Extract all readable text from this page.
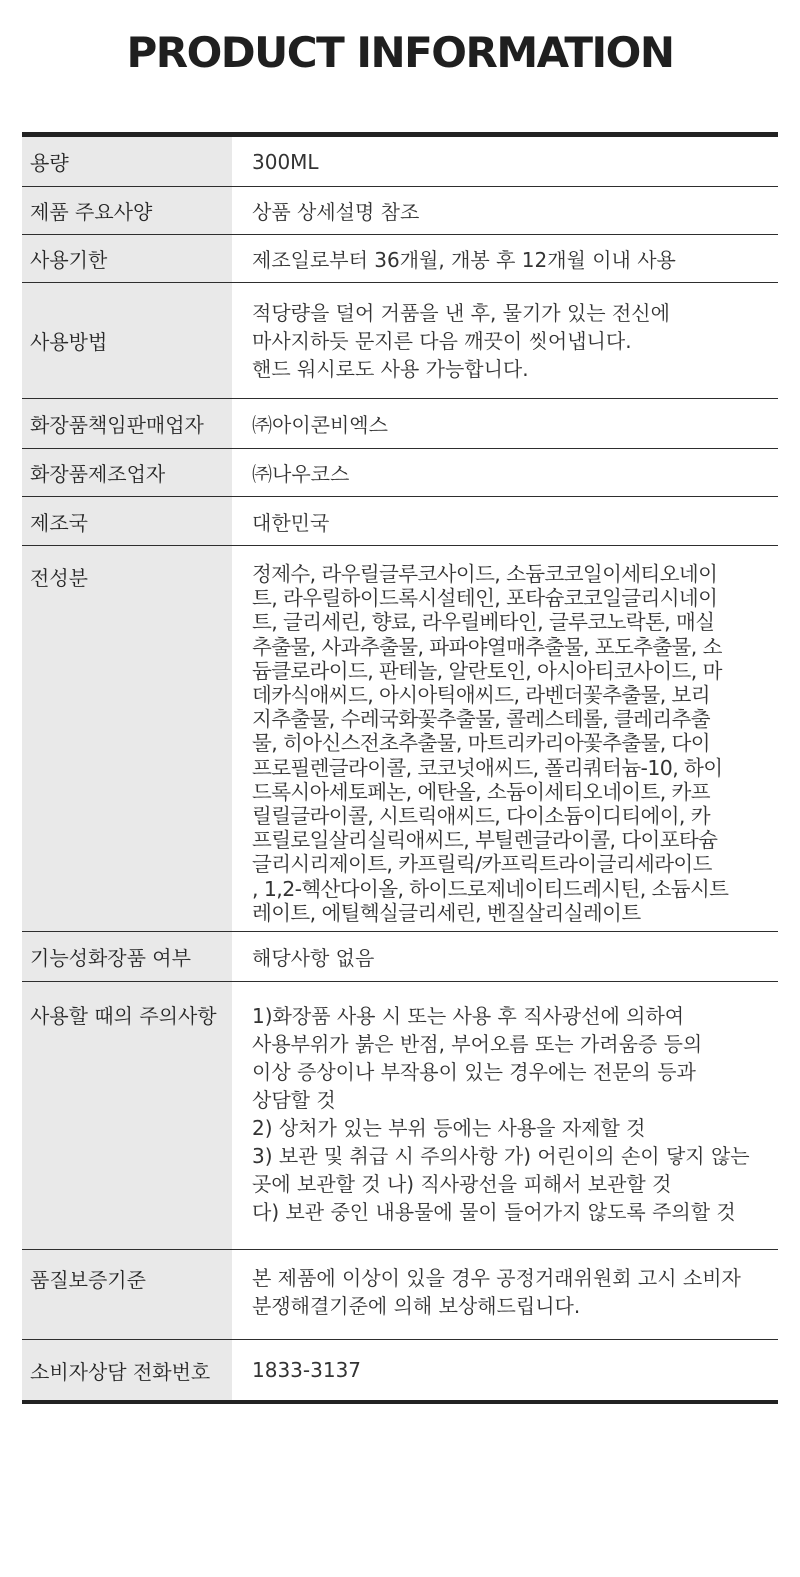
PRODUCT INFORMATION
용량	300ML
제품 주요사양	상품 상세설명 참조
사용기한	제조일로부터 36개월, 개봉 후 12개월 이내 사용
사용방법
적당량을 덜어 거품을 낸 후, 물기가 있는 전신에
마사지하듯 문지른 다음 깨끗이 씻어냅니다.
핸드 워시로도 사용 가능합니다.
화장품책임판매업자	㈜아이콘비엑스
화장품제조업자	㈜나우코스
제조국	대한민국
전성분	정제수, 라우릴글루코사이드, 소듐코코일이세티오네이
트, 라우릴하이드록시설테인, 포타슘코코일글리시네이
트, 글리세린, 향료, 라우릴베타인, 글루코노락톤, 매실
추출물, 사과추출물, 파파야열매추출물, 포도추출물, 소
듐클로라이드, 판테놀, 알란토인, 아시아티코사이드, 마
데카식애씨드, 아시아틱애씨드, 라벤더꽃추출물, 보리
지추출물, 수레국화꽃추출물, 콜레스테롤, 클레리추출
물, 히아신스전초추출물, 마트리카리아꽃추출물, 다이
프로필렌글라이콜, 코코넛애씨드, 폴리쿼터늄-10, 하이
드록시아세토페논, 에탄올, 소듐이세티오네이트, 카프
릴릴글라이콜, 시트릭애씨드, 다이소듐이디티에이, 카
프릴로일살리실릭애씨드, 부틸렌글라이콜, 다이포타슘
글리시리제이트, 카프릴릭/카프릭트라이글리세라이드
, 1,2-헥산다이올, 하이드로제네이티드레시틴, 소듐시트
레이트, 에틸헥실글리세린, 벤질살리실레이트
기능성화장품 여부	해당사항 없음
사용할 때의 주의사항	1)화장품 사용 시 또는 사용 후 직사광선에 의하여
사용부위가 붉은 반점, 부어오름 또는 가려움증 등의
이상 증상이나 부작용이 있는 경우에는 전문의 등과
상담할 것
2) 상처가 있는 부위 등에는 사용을 자제할 것
3) 보관 및 취급 시 주의사항 가) 어린이의 손이 닿지 않는
곳에 보관할 것 나) 직사광선을 피해서 보관할 것
다) 보관 중인 내용물에 물이 들어가지 않도록 주의할 것
품질보증기준	본 제품에 이상이 있을 경우 공정거래위원회 고시 소비자
분쟁해결기준에 의해 보상해드립니다.
소비자상담 전화번호	1833-3137
